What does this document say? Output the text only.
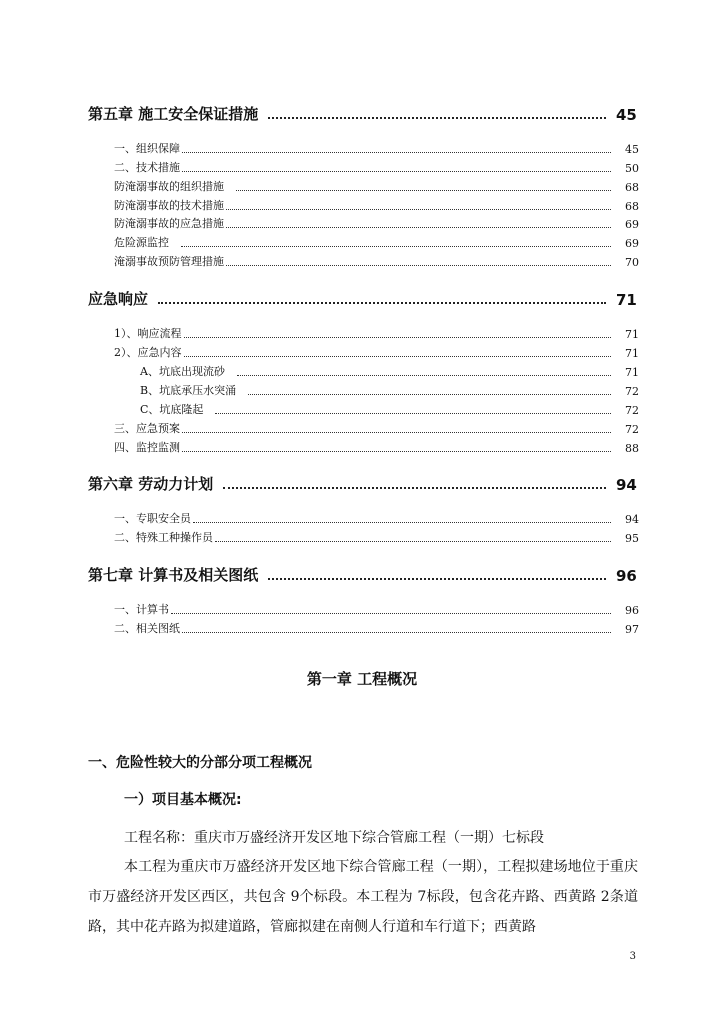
第五章 施工安全保证措施	45
一、组织保障	45
二、技术措施	50
防淹溺事故的组织措施	68
防淹溺事故的技术措施	68
防淹溺事故的应急措施	69
危险源监控	69
淹溺事故预防管理措施	70
应急响应	71
1）、响应流程	71
2）、应急内容	71
A、坑底出现流砂	71
B、坑底承压水突涌	72
C、坑底隆起	72
三、应急预案	72
四、监控监测	88
第六章 劳动力计划	94
一、专职安全员	94
二、特殊工种操作员	95
第七章 计算书及相关图纸	96
一、计算书	96
二、相关图纸	97
第一章 工程概况
一、危险性较大的分部分项工程概况
一）项目基本概况:
工程名称：重庆市万盛经济开发区地下综合管廊工程（一期）七标段
本工程为重庆市万盛经济开发区地下综合管廊工程（一期），工程拟建场地位于重庆市万盛经济开发区西区，共包含 9个标段。本工程为 7标段，包含花卉路、西黄路 2条道路，其中花卉路为拟建道路，管廊拟建在南侧人行道和车行道下；西黄路
3
